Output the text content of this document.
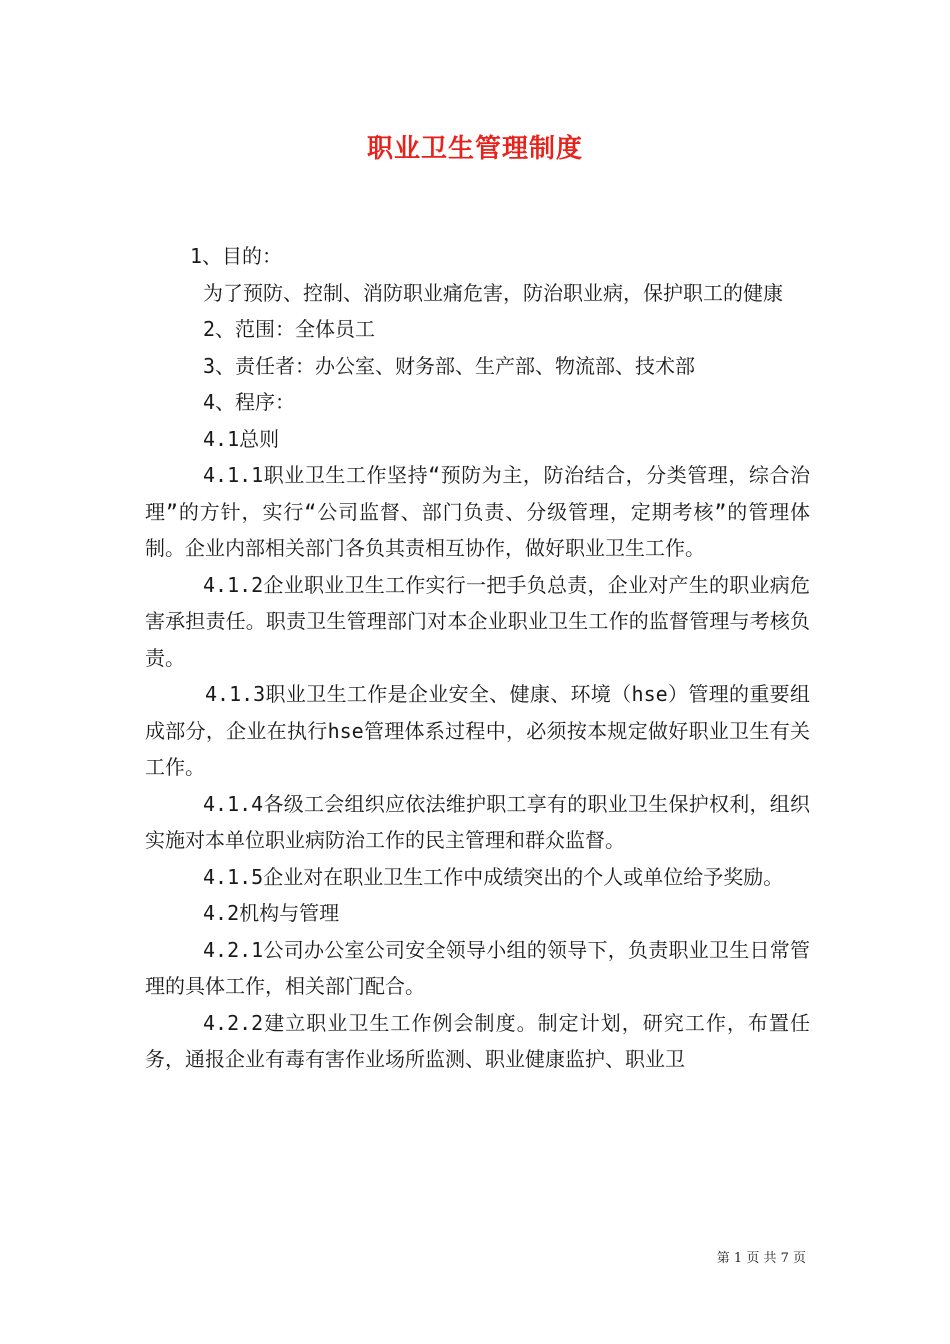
职业卫生管理制度

1、目的：

为了预防、控制、消防职业痛危害，防治职业病，保护职工的健康

2、范围：全体员工

3、责任者：办公室、财务部、生产部、物流部、技术部

4、程序：

4.1总则

4.1.1职业卫生工作坚持“预防为主，防治结合，分类管理，综合治理”的方针，实行“公司监督、部门负责、分级管理，定期考核”的管理体制。企业内部相关部门各负其责相互协作，做好职业卫生工作。

4.1.2企业职业卫生工作实行一把手负总责，企业对产生的职业病危害承担责任。职责卫生管理部门对本企业职业卫生工作的监督管理与考核负责。

4.1.3职业卫生工作是企业安全、健康、环境（hse）管理的重要组成部分，企业在执行hse管理体系过程中，必须按本规定做好职业卫生有关工作。

4.1.4各级工会组织应依法维护职工享有的职业卫生保护权利，组织实施对本单位职业病防治工作的民主管理和群众监督。

4.1.5企业对在职业卫生工作中成绩突出的个人或单位给予奖励。

4.2机构与管理

4.2.1公司办公室公司安全领导小组的领导下，负责职业卫生日常管理的具体工作，相关部门配合。

4.2.2建立职业卫生工作例会制度。制定计划，研究工作，布置任务，通报企业有毒有害作业场所监测、职业健康监护、职业卫

第 1 页 共 7 页
